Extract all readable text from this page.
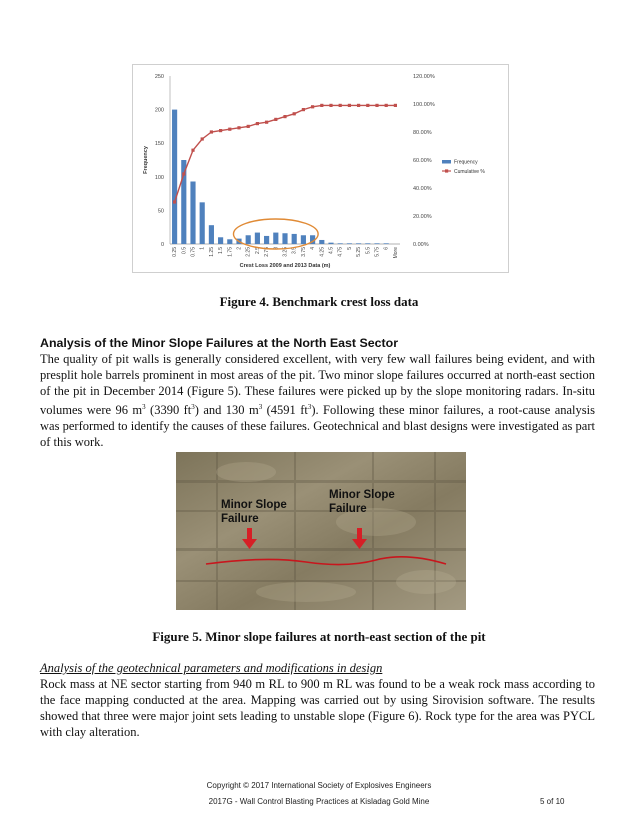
0
50
100
150
200
250
0.00%
20.00%
40.00%
60.00%
80.00%
100.00%
120.00%
0.25 0.5 0.75 1 1.25 1.5 1.75 2 2.25 2.5 2.75 3 3.25 3.5 3.75 4 4.25 4.5 4.75 5 5.25 5.5 5.75 6 More
Crest Loss 2009 and 2013 Data (m)
Frequency	Frequency
Cumulative %
Figure 4. Benchmark crest loss data
Analysis of the Minor Slope Failures at the North East Sector

The quality of pit walls is generally considered excellent, with very few wall failures being evident, and with presplit hole barrels prominent in most areas of the pit. Two minor slope failures occurred at north-east section of the pit in December 2014 (Figure 5). These failures were picked up by the slope monitoring radars. In-situ volumes were 96 $m^3$ (3390 $ft^3$) and 130 $m^3$ (4591 $ft^3$). Following these minor failures, a root-cause analysis was performed to identify the causes of these failures. Geotechnical and blast designs were investigated as part of this work.

Minor Slope
Failure
Minor Slope
Failure
Figure 5. Minor slope failures at north-east section of the pit
Analysis of the geotechnical parameters and modifications in design

Rock mass at NE sector starting from 940 m RL to 900 m RL was found to be a weak rock mass according to the face mapping conducted at the area. Mapping was carried out by using Sirovision software. The results showed that three were major joint sets leading to unstable slope (Figure 6). Rock type for the area was PYCL with clay alteration.

Copyright © 2017 International Society of Explosives Engineers
2017G - Wall Control Blasting Practices at Kisladag Gold Mine	5 of 10
